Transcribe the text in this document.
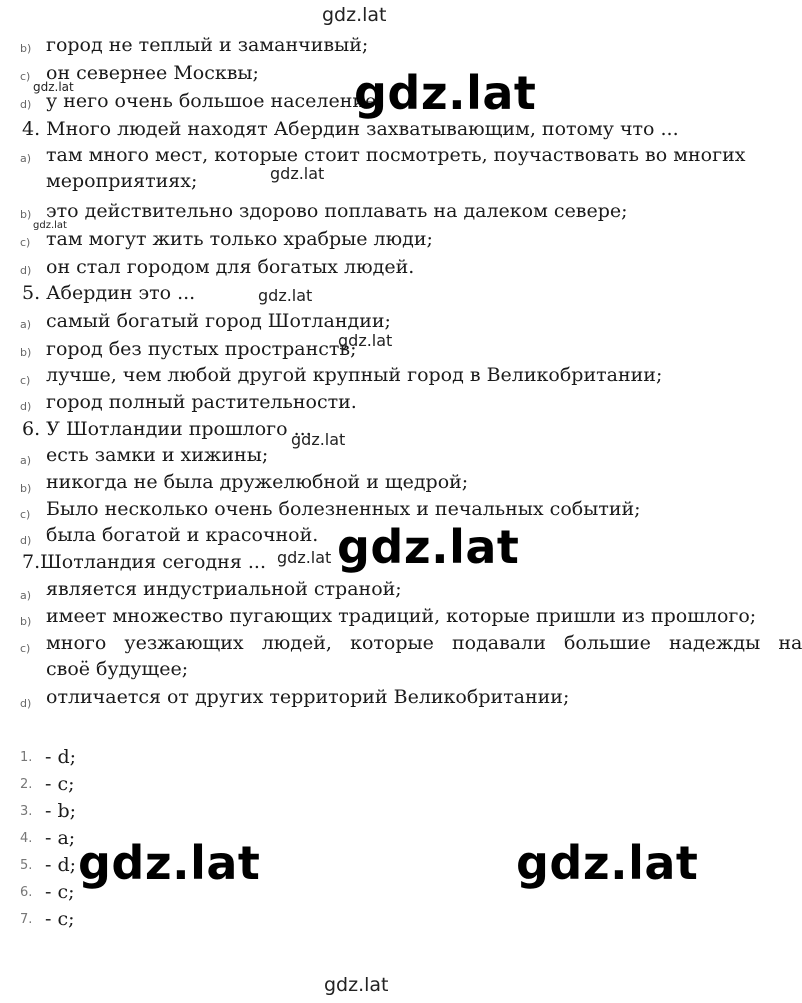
gdz.lat
b) город не теплый и заманчивый;
c) он севернее Москвы;
d) у него очень большое население;
gdz.lat	gdz.lat
4. Много людей находят Абердин захватывающим, потому что ...
a) там много мест, которые стоит посмотреть, поучаствовать во многих
мероприятиях;	gdz.lat
b) это действительно здорово поплавать на далеком севере;
gdz.lat
c) там могут жить только храбрые люди;
d) он стал городом для богатых людей.
5. Абердин это ...	gdz.lat
a) самый богатый город Шотландии;
b) город без пустых пространств;
gdz.lat
c) лучше, чем любой другой крупный город в Великобритании;
d) город полный растительности.
6. У Шотландии прошлого ...
gdz.lat
a) есть замки и хижины;
b) никогда не была дружелюбной и щедрой;
c) Было несколько очень болезненных и печальных событий;
d) была богатой и красочной. gdz.lat
7.Шотландия сегодня ... gdz.lat
a) является индустриальной страной;
b) имеет множество пугающих традиций, которые пришли из прошлого;
c) много   уезжающих   людей,   которые   подавали   большие   надежды   на
своё будущее;
d) отличается от других территорий Великобритании;
1. - d;
2. - c;
3. - b;
4. - a;
5. - d;
6. - c;
7. - c;
gdz.lat	gdz.lat
gdz.lat
